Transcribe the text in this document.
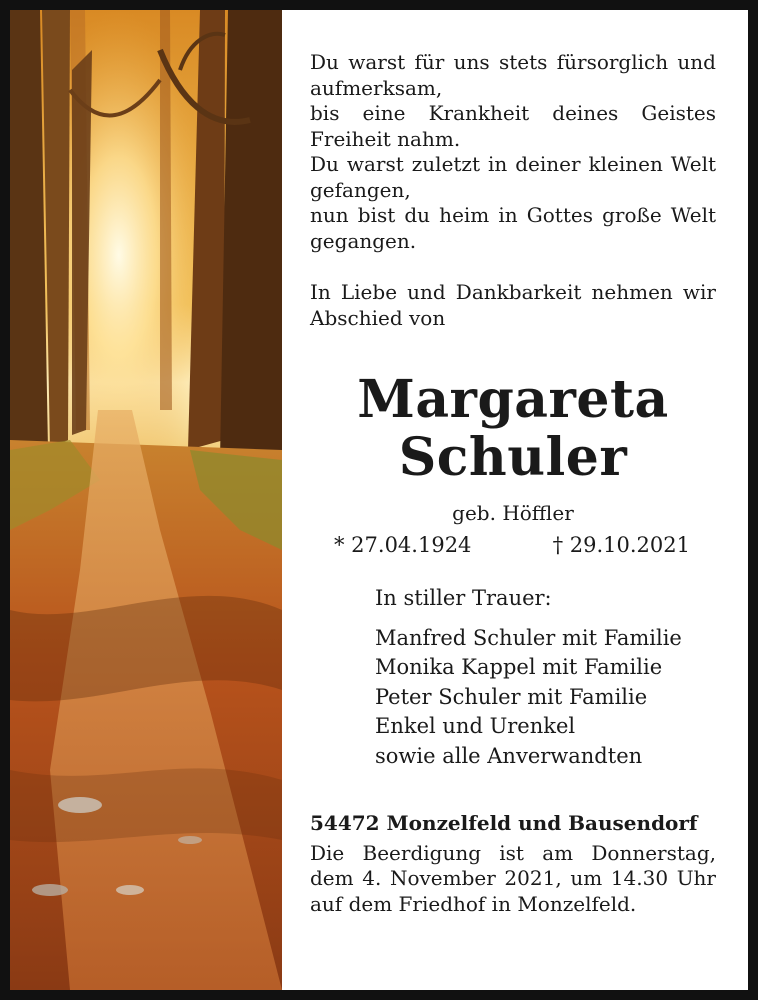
Du warst für uns stets fürsorglich und aufmerksam,
bis eine Krankheit deines Geistes Freiheit nahm.
Du warst zuletzt in deiner kleinen Welt gefangen,
nun bist du heim in Gottes große Welt gegangen.

In Liebe und Dankbarkeit nehmen wir Abschied von

Margareta
Schuler
geb. Höffler
* 27.04.1924	† 29.10.2021
In stiller Trauer:
Manfred Schuler mit Familie
Monika Kappel mit Familie
Peter Schuler mit Familie
Enkel und Urenkel
sowie alle Anverwandten
54472 Monzelfeld und Bausendorf

Die Beerdigung ist am Donnerstag, dem 4. November 2021, um 14.30 Uhr auf dem Friedhof in Monzelfeld.
